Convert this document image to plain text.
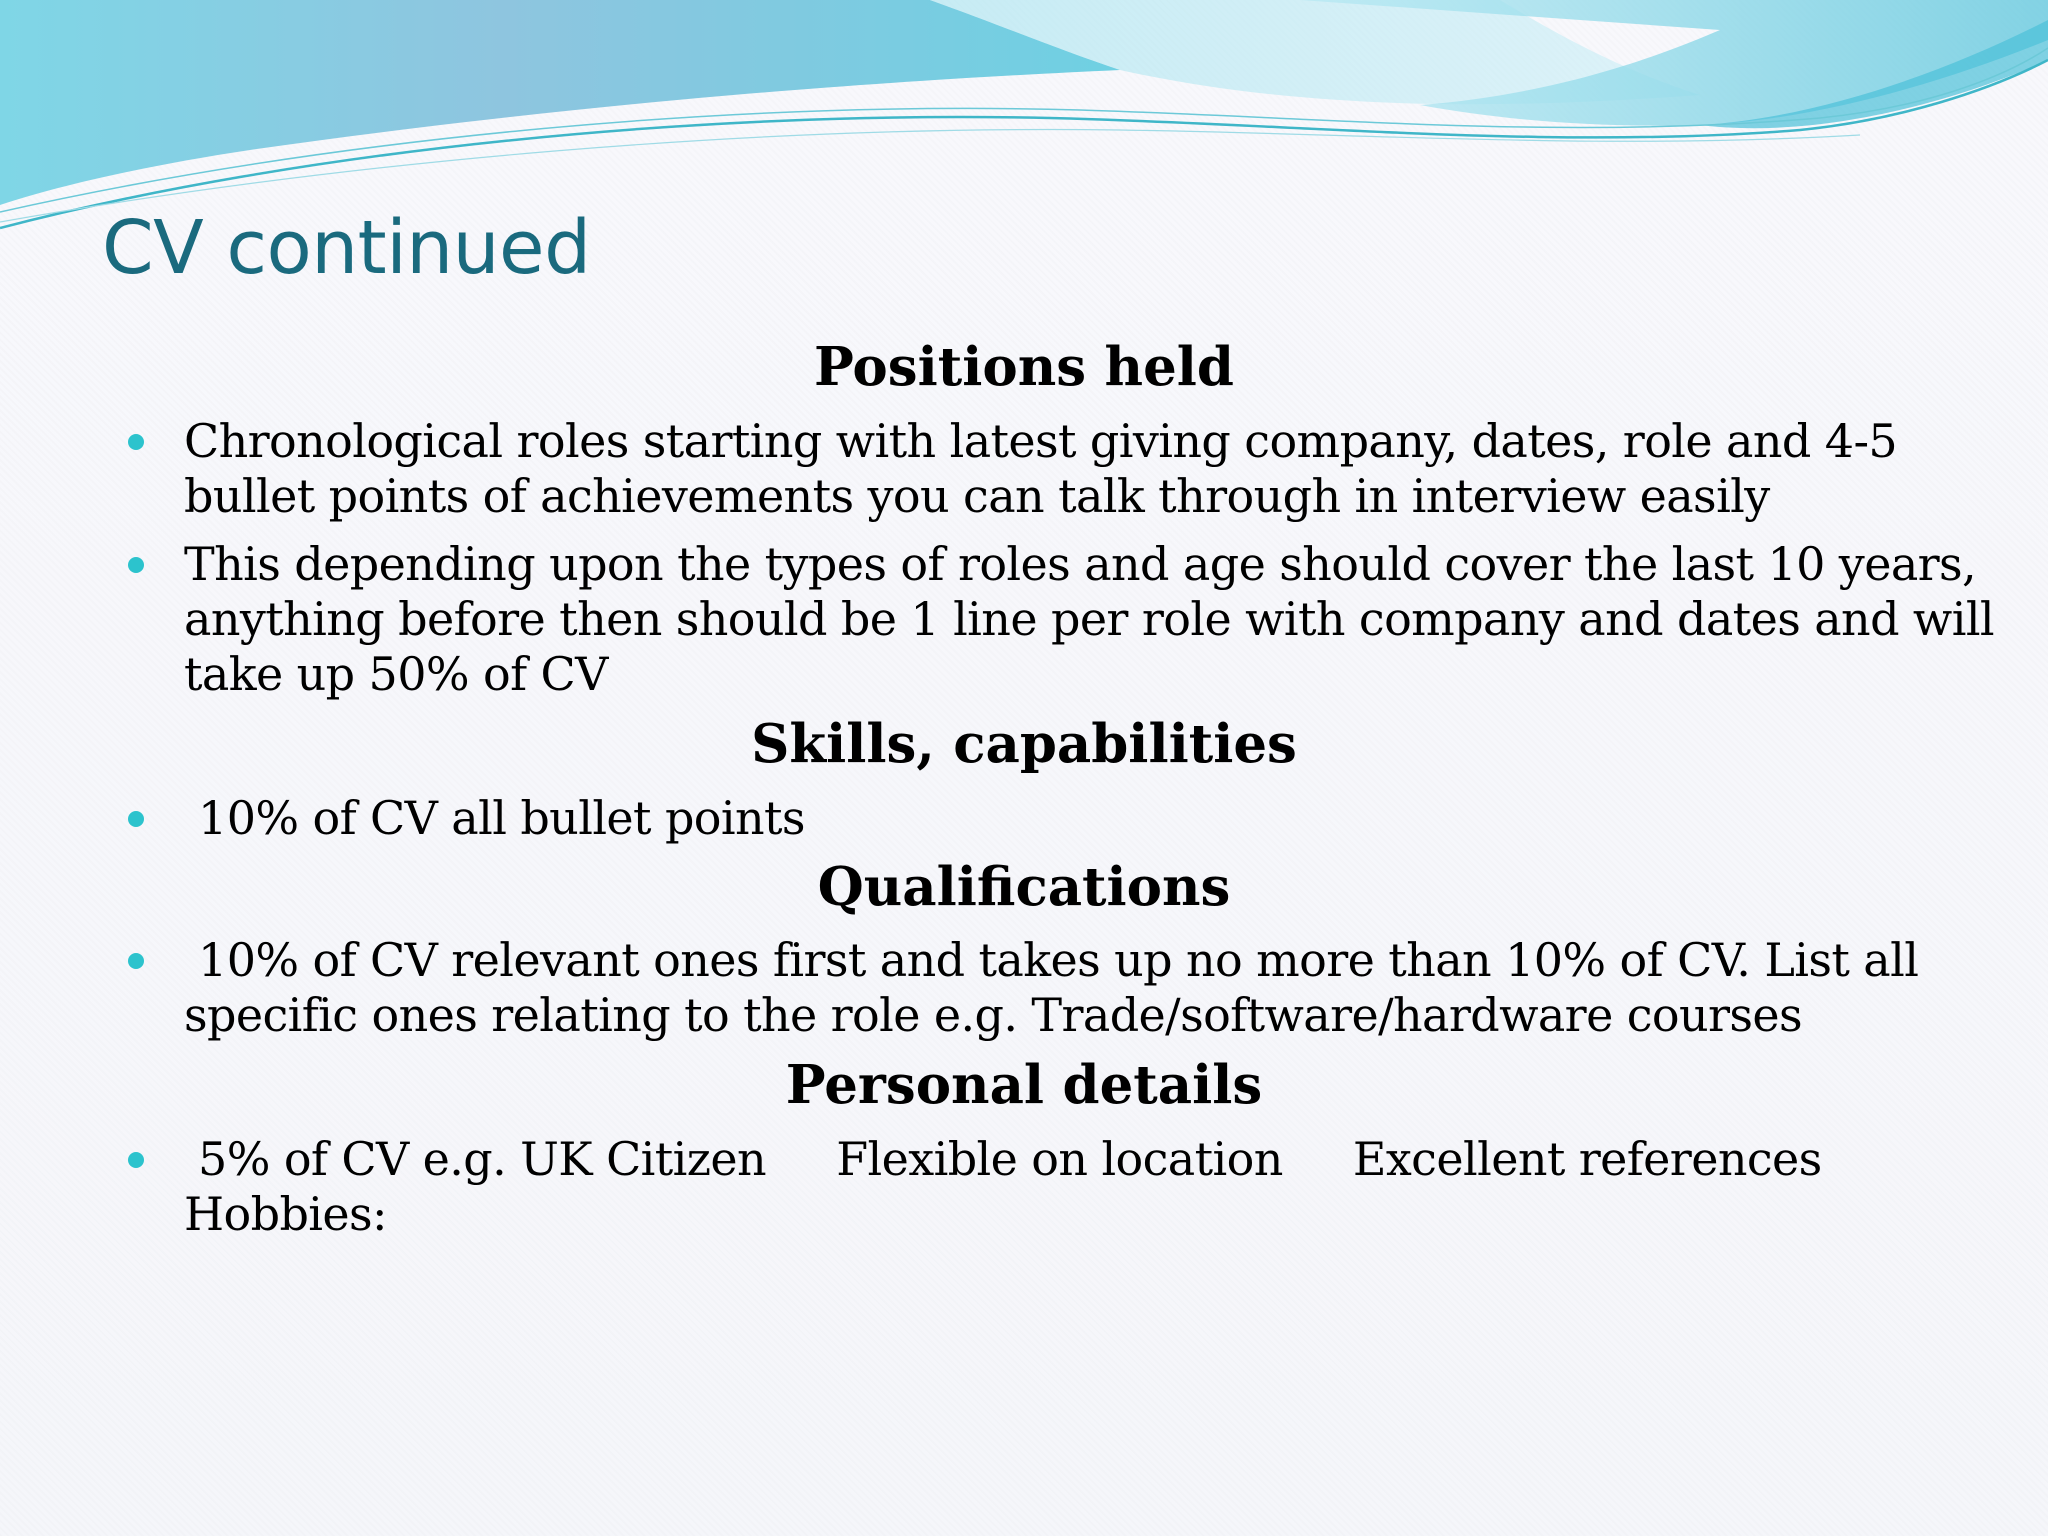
CV continued
Positions held

Chronological roles starting with latest giving company, dates, role and 4-5

bullet points of achievements you can talk through in interview easily

This depending upon the types of roles and age should cover the last 10 years,

anything before then should be 1 line per role with company and dates and will

take up 50% of CV

Skills, capabilities

10% of CV all bullet points

Qualifications

10% of CV relevant ones first and takes up no more than 10% of CV. List all

specific ones relating to the role e.g. Trade/software/hardware courses

Personal details

5% of CV e.g. UK Citizen     Flexible on location     Excellent references

Hobbies:
